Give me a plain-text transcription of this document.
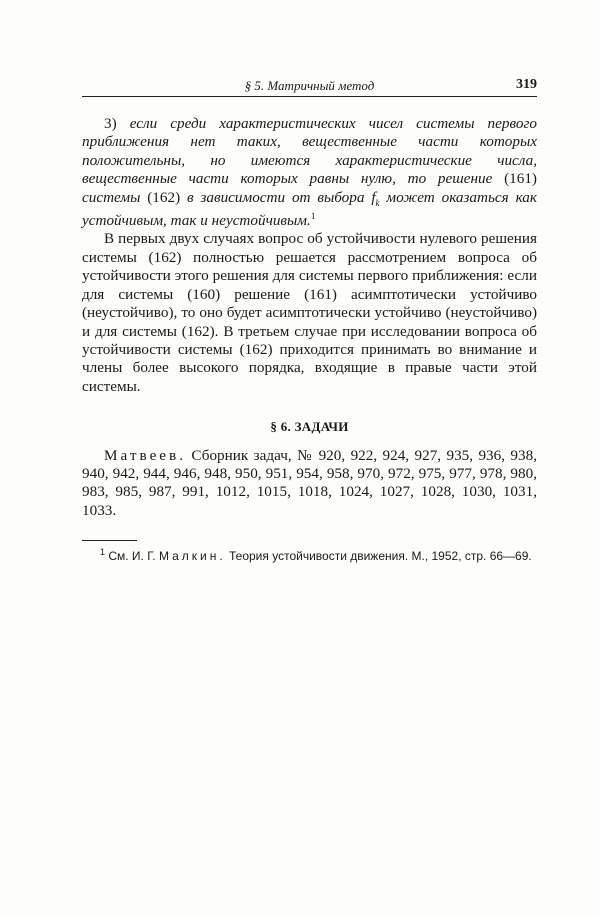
§ 5. Матричный метод	319

3) если среди характеристических чисел системы первого приближения нет таких, вещественные части которых положительны, но имеются характеристические числа, вещественные части которых равны нулю, то решение (161) системы (162) в зависимости от выбора $f_k$ может оказаться как устойчивым, так и неустойчивым.$^1$

В первых двух случаях вопрос об устойчивости нулевого решения системы (162) полностью решается рассмотрением вопроса об устойчивости этого решения для системы первого приближения: если для системы (160) решение (161) асимптотически устойчиво (неустойчиво), то оно будет асимптотически устойчиво (неустойчиво) и для системы (162). В третьем случае при исследовании вопроса об устойчивости системы (162) приходится принимать во внимание и члены более высокого порядка, входящие в правые части этой системы.

§ 6. ЗАДАЧИ

Матвеев. Сборник задач, № 920, 922, 924, 927, 935, 936, 938, 940, 942, 944, 946, 948, 950, 951, 954, 958, 970, 972, 975, 977, 978, 980, 983, 985, 987, 991, 1012, 1015, 1018, 1024, 1027, 1028, 1030, 1031, 1033.

$^1$ См. И. Г. Малкин. Теория устойчивости движения. М., 1952, стр. 66—69.
